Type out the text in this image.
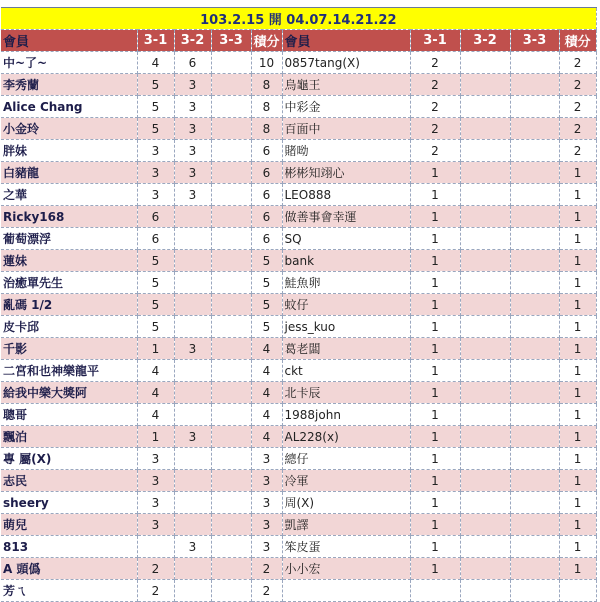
103.2.15 開 04.07.14.21.22									
會員	3-1	3-2	3-3	積分	會員	3-1	3-2	3-3	積分
中~了~	4	6		10	0857tang(X)	2			2
李秀蘭	5	3		8	烏龜王	2			2
Alice Chang	5	3		8	中彩金	2			2
小金玲	5	3		8	百面中	2			2
胖妹	3	3		6	賭呦	2			2
白豬龍	3	3		6	彬彬知翊心	1			1
之華	3	3		6	LEO888	1			1
Ricky168	6			6	做善事會幸運	1			1
葡萄漂浮	6			6	SQ	1			1
蓮妹	5			5	bank	1			1
治癒單先生	5			5	鮭魚卵	1			1
亂碼 1/2	5			5	蚊仔	1			1
皮卡邱	5			5	jess_kuo	1			1
千影	1	3		4	葛老闆	1			1
二宮和也神樂龍平	4			4	ckt	1			1
給我中樂大獎阿	4			4	北卡辰	1			1
聰哥	4			4	1988john	1			1
飄泊	1	3		4	AL228(x)	1			1
專 屬(X)	3			3	總仔	1			1
志民	3			3	冷軍	1			1
sheery	3			3	周(X)	1			1
萌兒	3			3	凱譯	1			1
813		3		3	笨皮蛋	1			1
A 頭僞	2			2	小小宏	1			1
芳ㄟ	2			2					
